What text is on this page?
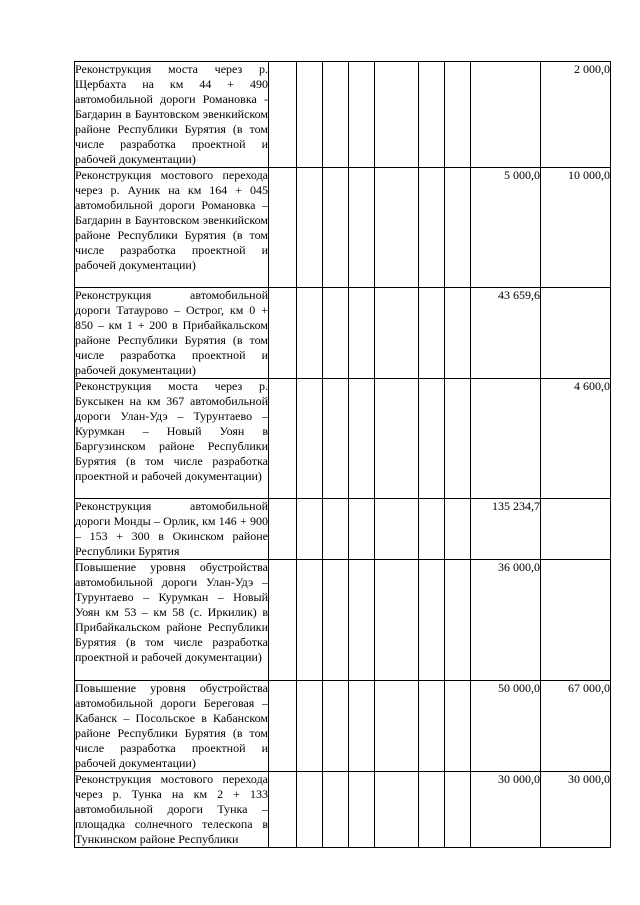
Реконструкция моста через р. Щербахта на км 44 + 490 автомобильной дороги Романовка - Багдарин в Баунтовском эвенкийском районе Республики Бурятия (в том числе разработка проектной и рабочей документации)									2 000,0
Реконструкция мостового перехода через р. Ауник на км 164 + 045 автомобильной дороги Романовка – Багдарин в Баунтовском эвенкийском районе Республики Бурятия (в том числе разработка проектной и рабочей документации)								5 000,0	10 000,0
Реконструкция автомобильной дороги Татаурово – Острог, км 0 + 850 – км 1 + 200 в Прибайкальском районе Республики Бурятия (в том числе разработка проектной и рабочей документации)								43 659,6	
Реконструкция моста через р. Буксыкен на км 367 автомобильной дороги Улан-Удэ – Турунтаево – Курумкан – Новый Уоян в Баргузинском районе Республики Бурятия (в том числе разработка проектной и рабочей документации)									4 600,0
Реконструкция автомобильной дороги Монды – Орлик, км 146 + 900 – 153 + 300 в Окинском районе Республики Бурятия								135 234,7	
Повышение уровня обустройства автомобильной дороги Улан-Удэ – Турунтаево – Курумкан – Новый Уоян км 53 – км 58 (с. Иркилик) в Прибайкальском районе Республики Бурятия (в том числе разработка проектной и рабочей документации)								36 000,0	
Повышение уровня обустройства автомобильной дороги Береговая – Кабанск – Посольское в Кабанском районе Республики Бурятия (в том числе разработка проектной и рабочей документации)								50 000,0	67 000,0
Реконструкция мостового перехода через р. Тунка на км 2 + 133 автомобильной дороги Тунка – площадка солнечного телескопа в Тункинском районе Республики								30 000,0	30 000,0
